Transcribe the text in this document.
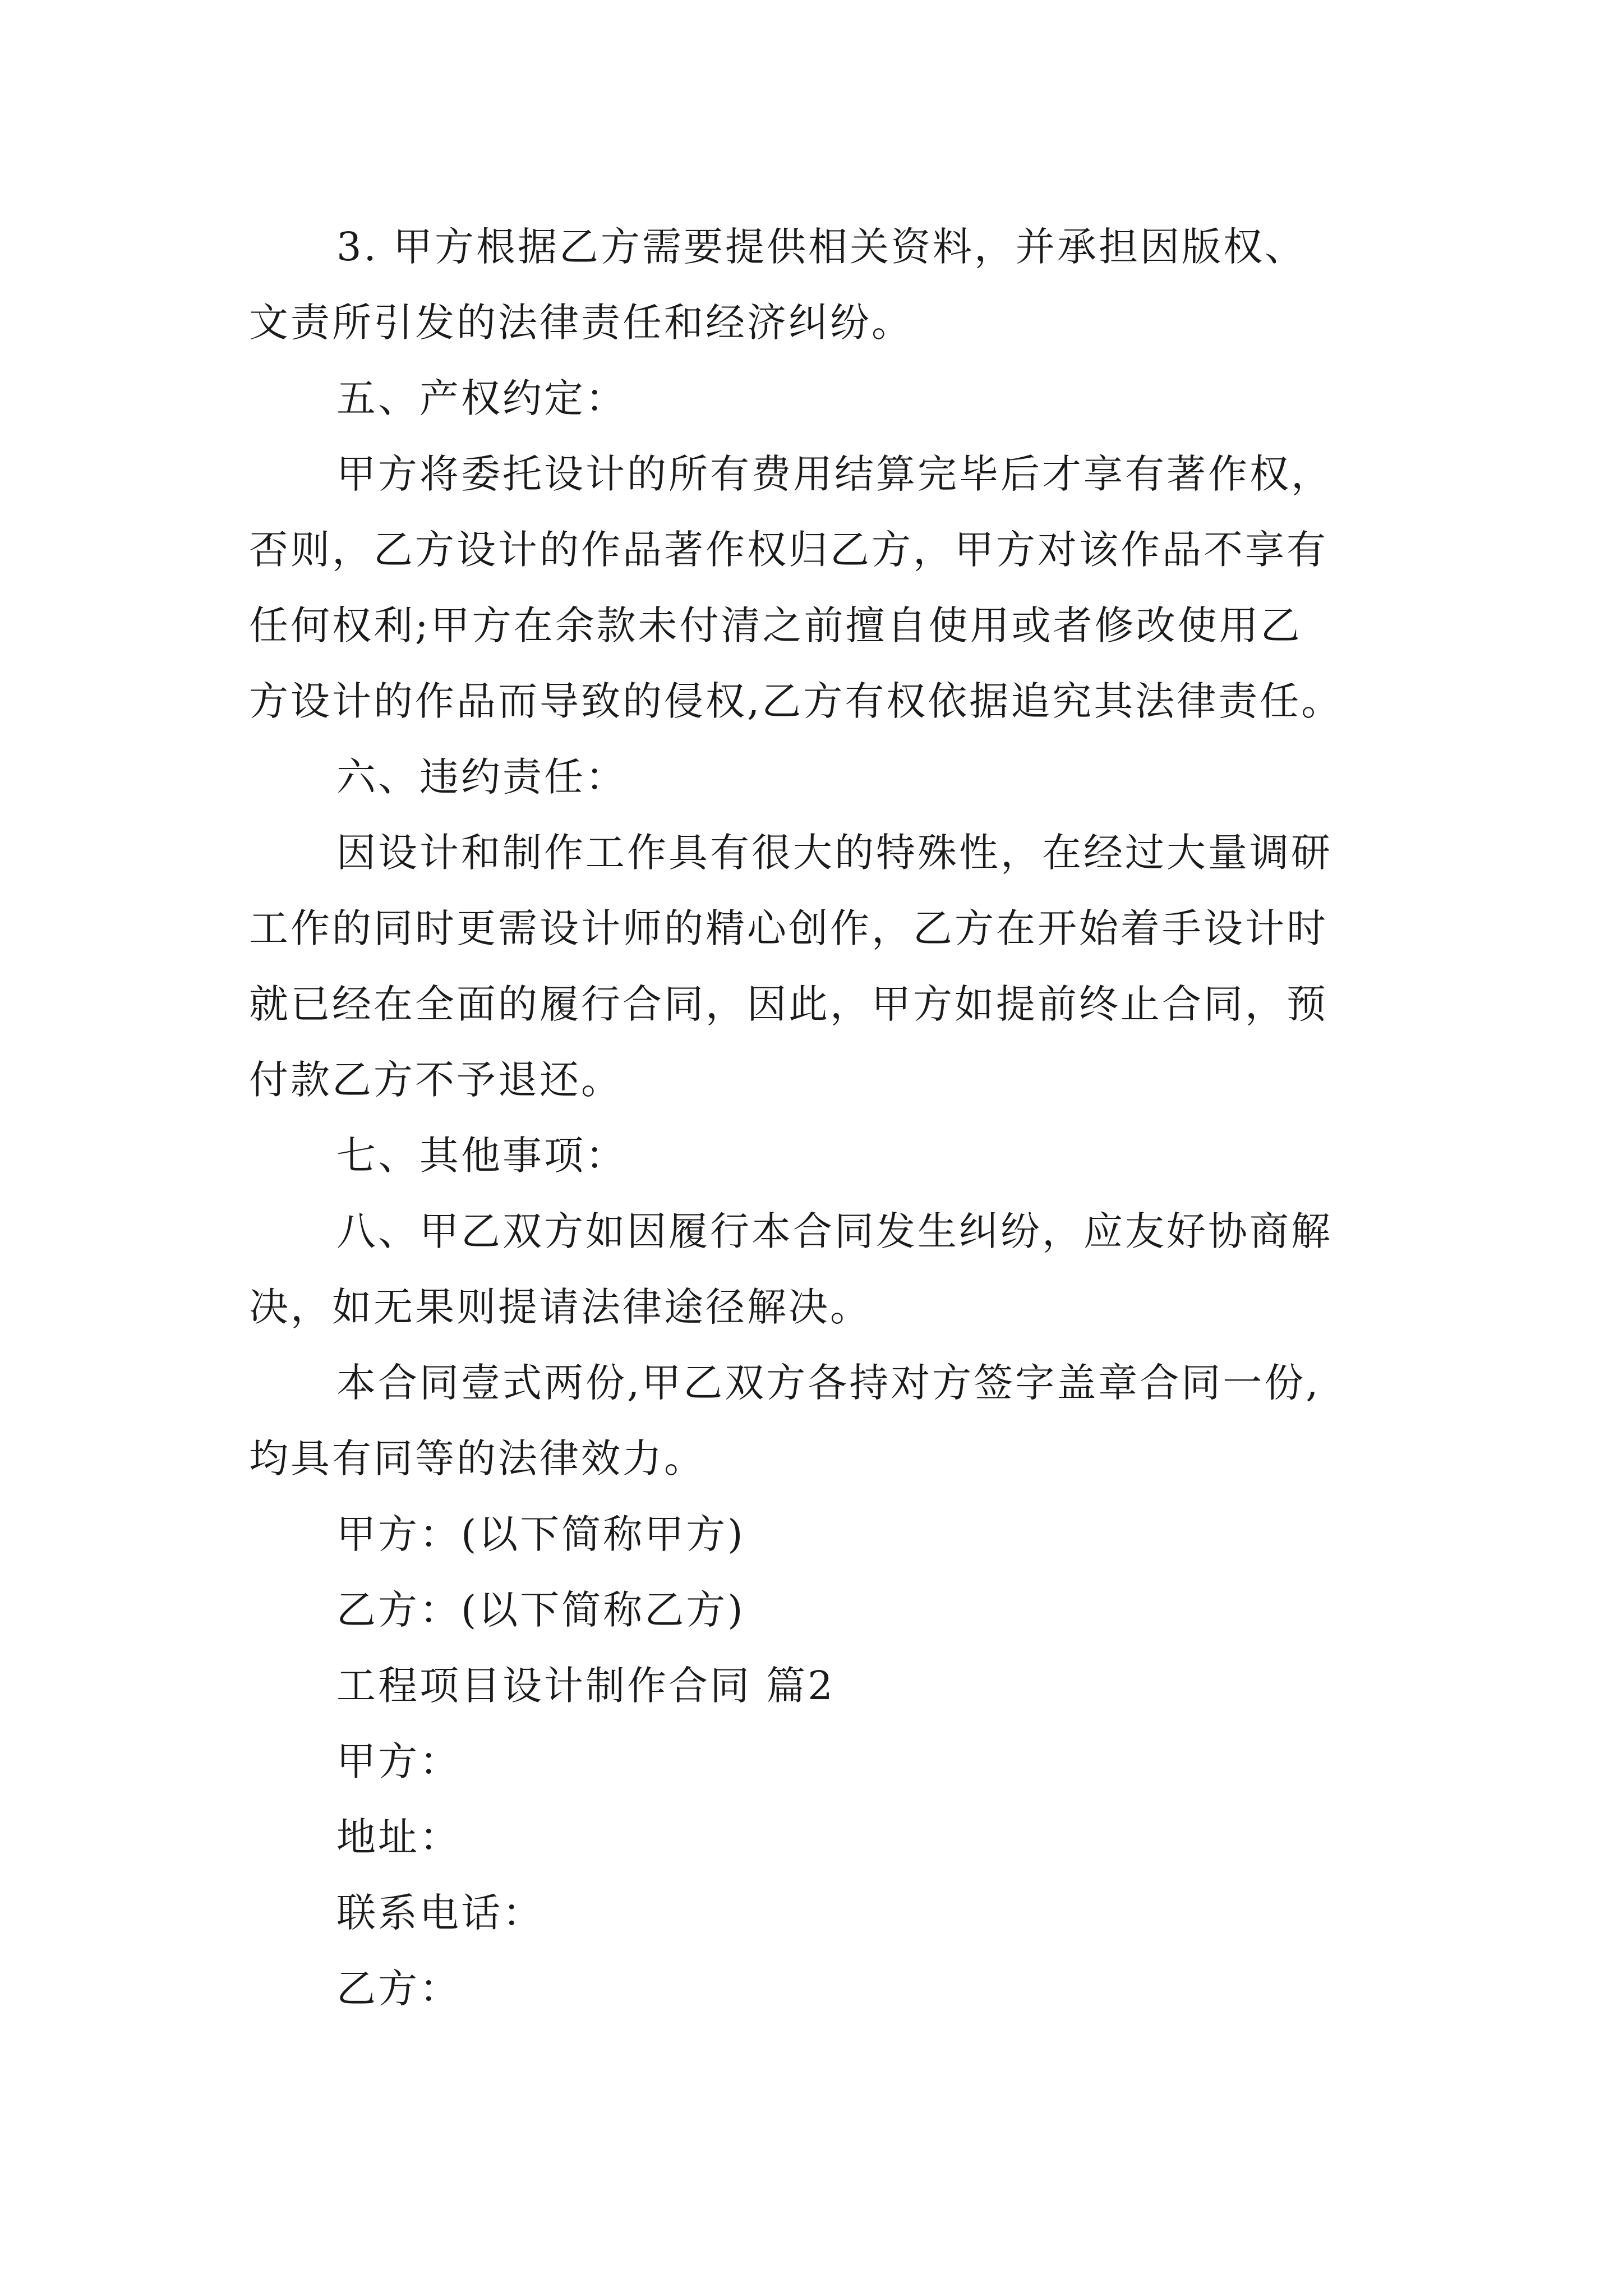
3. 甲方根据乙方需要提供相关资料，并承担因版权、
文责所引发的法律责任和经济纠纷。
五、产权约定：
甲方将委托设计的所有费用结算完毕后才享有著作权，
否则，乙方设计的作品著作权归乙方，甲方对该作品不享有
任何权利;甲方在余款未付清之前擅自使用或者修改使用乙
方设计的作品而导致的侵权,乙方有权依据追究其法律责任。
六、违约责任：
因设计和制作工作具有很大的特殊性，在经过大量调研
工作的同时更需设计师的精心创作，乙方在开始着手设计时
就已经在全面的履行合同，因此，甲方如提前终止合同，预
付款乙方不予退还。
七、其他事项：
八、甲乙双方如因履行本合同发生纠纷，应友好协商解
决，如无果则提请法律途径解决。
本合同壹式两份,甲乙双方各持对方签字盖章合同一份,
均具有同等的法律效力。
甲方：(以下简称甲方)
乙方：(以下简称乙方)
工程项目设计制作合同 篇2
甲方：
地址：
联系电话：
乙方：
